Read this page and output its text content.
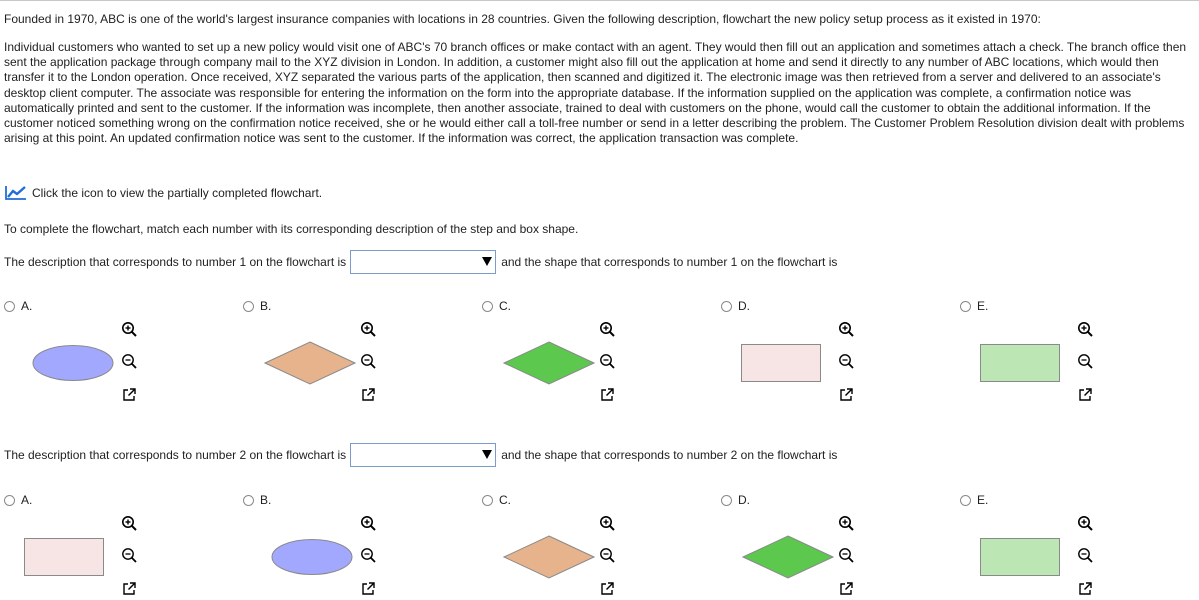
Founded in 1970, ABC is one of the world's largest insurance companies with locations in 28 countries. Given the following description, flowchart the new policy setup process as it existed in 1970:

Individual customers who wanted to set up a new policy would visit one of ABC's 70 branch offices or make contact with an agent. They would then fill out an application and sometimes attach a check. The branch office then sent the application package through company mail to the XYZ division in London. In addition, a customer might also fill out the application at home and send it directly to any number of ABC locations, which would then transfer it to the London operation. Once received, XYZ separated the various parts of the application, then scanned and digitized it. The electronic image was then retrieved from a server and delivered to an associate's desktop client computer. The associate was responsible for entering the information on the form into the appropriate database. If the information supplied on the application was complete, a confirmation notice was automatically printed and sent to the customer. If the information was incomplete, then another associate, trained to deal with customers on the phone, would call the customer to obtain the additional information. If the customer noticed something wrong on the confirmation notice received, she or he would either call a toll-free number or send in a letter describing the problem. The Customer Problem Resolution division dealt with problems arising at this point. An updated confirmation notice was sent to the customer. If the information was correct, the application transaction was complete.

Click the icon to view the partially completed flowchart.
To complete the flowchart, match each number with its corresponding description of the step and box shape.
The description that corresponds to number 1 on the flowchart is	and the shape that corresponds to number 1 on the flowchart is
A.	B.	C.	D.	E.
The description that corresponds to number 2 on the flowchart is	and the shape that corresponds to number 2 on the flowchart is
A.	B.	C.	D.	E.
